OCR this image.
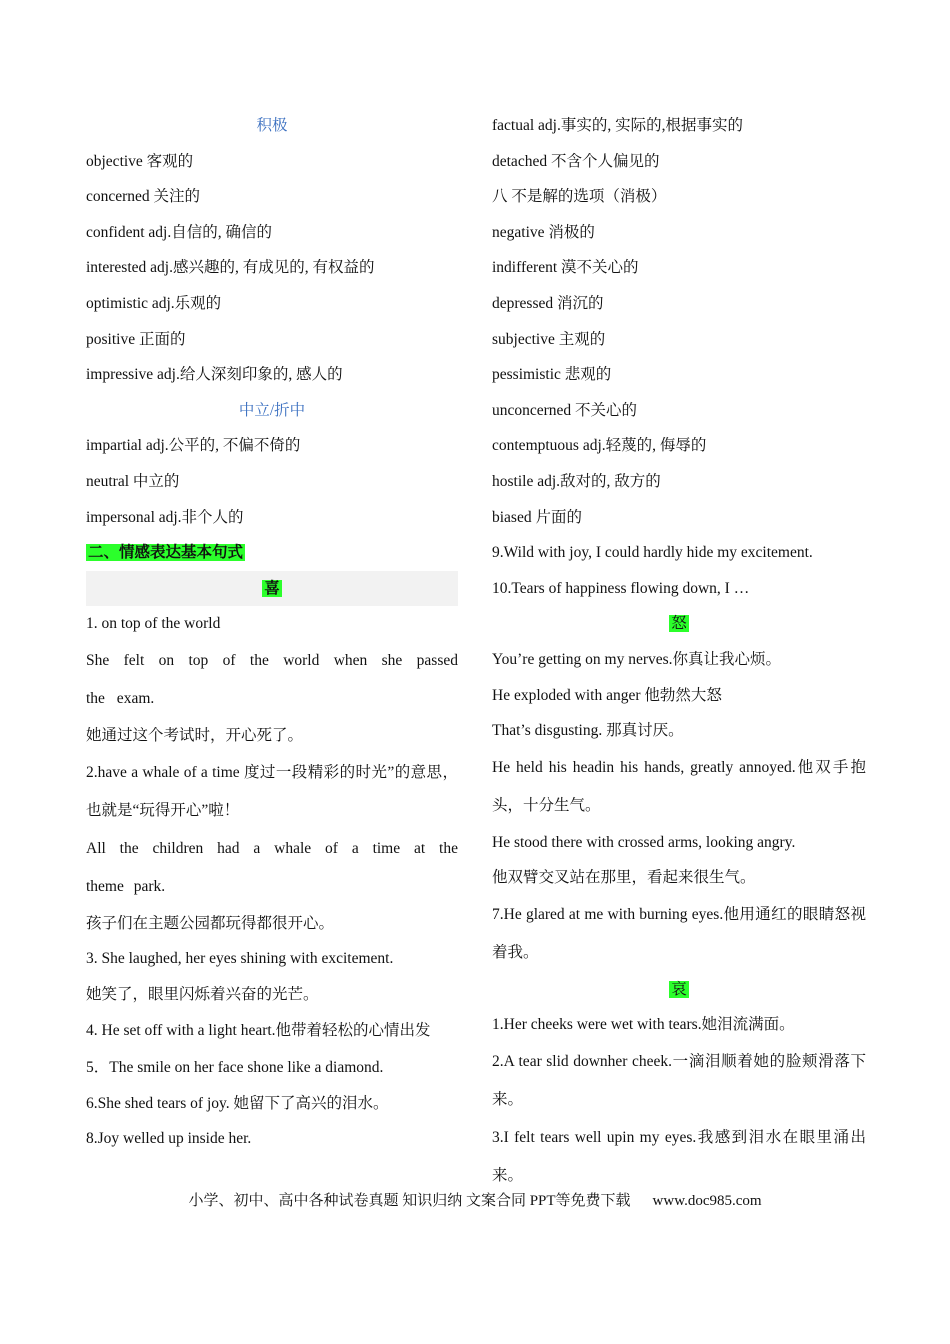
积极
objective 客观的
concerned 关注的
confident adj.自信的, 确信的
interested adj.感兴趣的, 有成见的, 有权益的
optimistic adj.乐观的
positive 正面的
impressive adj.给人深刻印象的, 感人的
中立/折中
impartial adj.公平的, 不偏不倚的
neutral 中立的
impersonal adj.非个人的
二、情感表达基本句式
喜
1. on top of the world
She felt on top of the world when she passed the exam.
她通过这个考试时，开心死了。
2.have a whale of a time 度过一段精彩的时光”的意思，也就是“玩得开心”啦！
All the children had a whale of a time at the theme park.
孩子们在主题公园都玩得都很开心。
3. She laughed, her eyes shining with excitement.
她笑了，眼里闪烁着兴奋的光芒。
4. He set off with a light heart.他带着轻松的心情出发
5．The smile on her face shone like a diamond.
6.She shed tears of joy. 她留下了高兴的泪水。
8.Joy welled up inside her.
factual adj.事实的, 实际的,根据事实的
detached 不含个人偏见的
八 不是解的选项（消极）
negative 消极的
indifferent 漠不关心的
depressed 消沉的
subjective 主观的
pessimistic 悲观的
unconcerned 不关心的
contemptuous adj.轻蔑的, 侮辱的
hostile adj.敌对的, 敌方的
biased 片面的
9.Wild with joy, I could hardly hide my excitement.
10.Tears of happiness flowing down, I …
怒
You’re getting on my nerves.你真让我心烦。
He exploded with anger 他勃然大怒
That’s disgusting. 那真讨厌。
He held his headin his hands, greatly annoyed.他双手抱头，十分生气。
He stood there with crossed arms, looking angry.
他双臂交叉站在那里，看起来很生气。
7.He glared at me with burning eyes.他用通红的眼睛怒视着我。
哀
1.Her cheeks were wet with tears.她泪流满面。
2.A tear slid downher cheek.一滴泪顺着她的脸颊滑落下来。
3.I felt tears well upin my eyes.我感到泪水在眼里涌出来。
小学、初中、高中各种试卷真题 知识归纳 文案合同 PPT等免费下载 www.doc985.com
